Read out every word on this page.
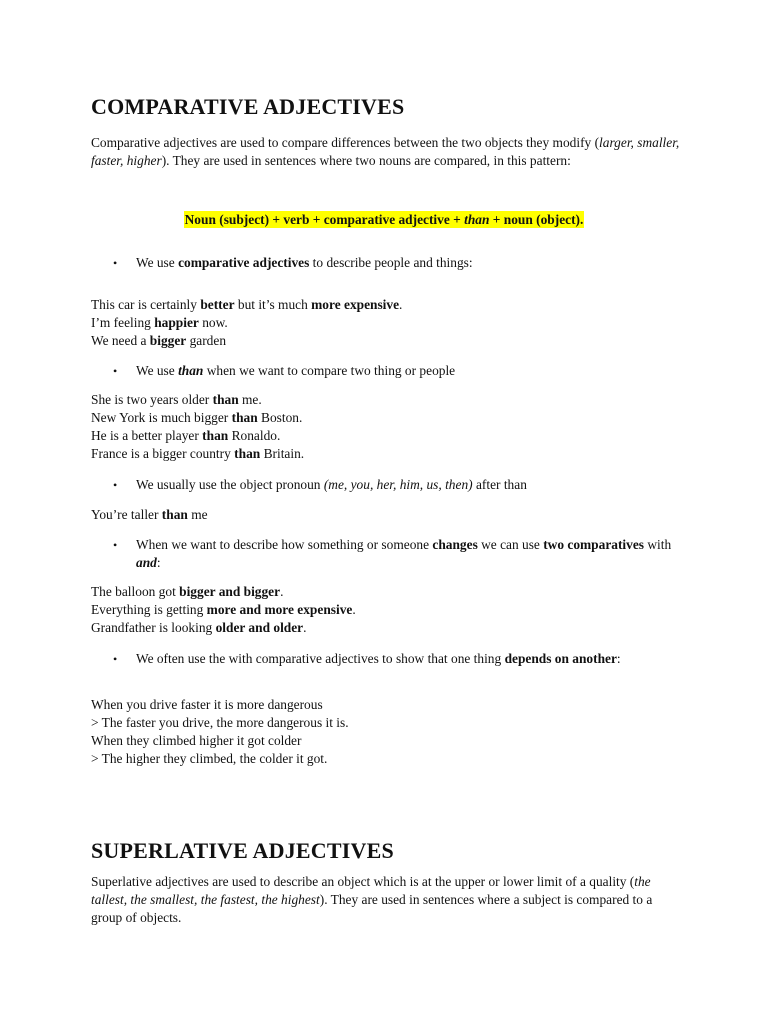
COMPARATIVE ADJECTIVES

Comparative adjectives are used to compare differences between the two objects they modify (larger, smaller, faster, higher). They are used in sentences where two nouns are compared, in this pattern:

Noun (subject) + verb + comparative adjective + than + noun (object).
• We use comparative adjectives to describe people and things:
This car is certainly better but it’s much more expensive.
I’m feeling happier now.
We need a bigger garden
• We use than when we want to compare two thing or people
She is two years older than me.
New York is much bigger than Boston.
He is a better player than Ronaldo.
France is a bigger country than Britain.
• We usually use the object pronoun (me, you, her, him, us, then) after than
You’re taller than me
• When we want to describe how something or someone changes we can use two comparatives with and:
The balloon got bigger and bigger.
Everything is getting more and more expensive.
Grandfather is looking older and older.
• We often use the with comparative adjectives to show that one thing depends on another:
When you drive faster it is more dangerous
> The faster you drive, the more dangerous it is.
When they climbed higher it got colder
> The higher they climbed, the colder it got.
SUPERLATIVE ADJECTIVES

Superlative adjectives are used to describe an object which is at the upper or lower limit of a quality (the tallest, the smallest, the fastest, the highest). They are used in sentences where a subject is compared to a group of objects.
